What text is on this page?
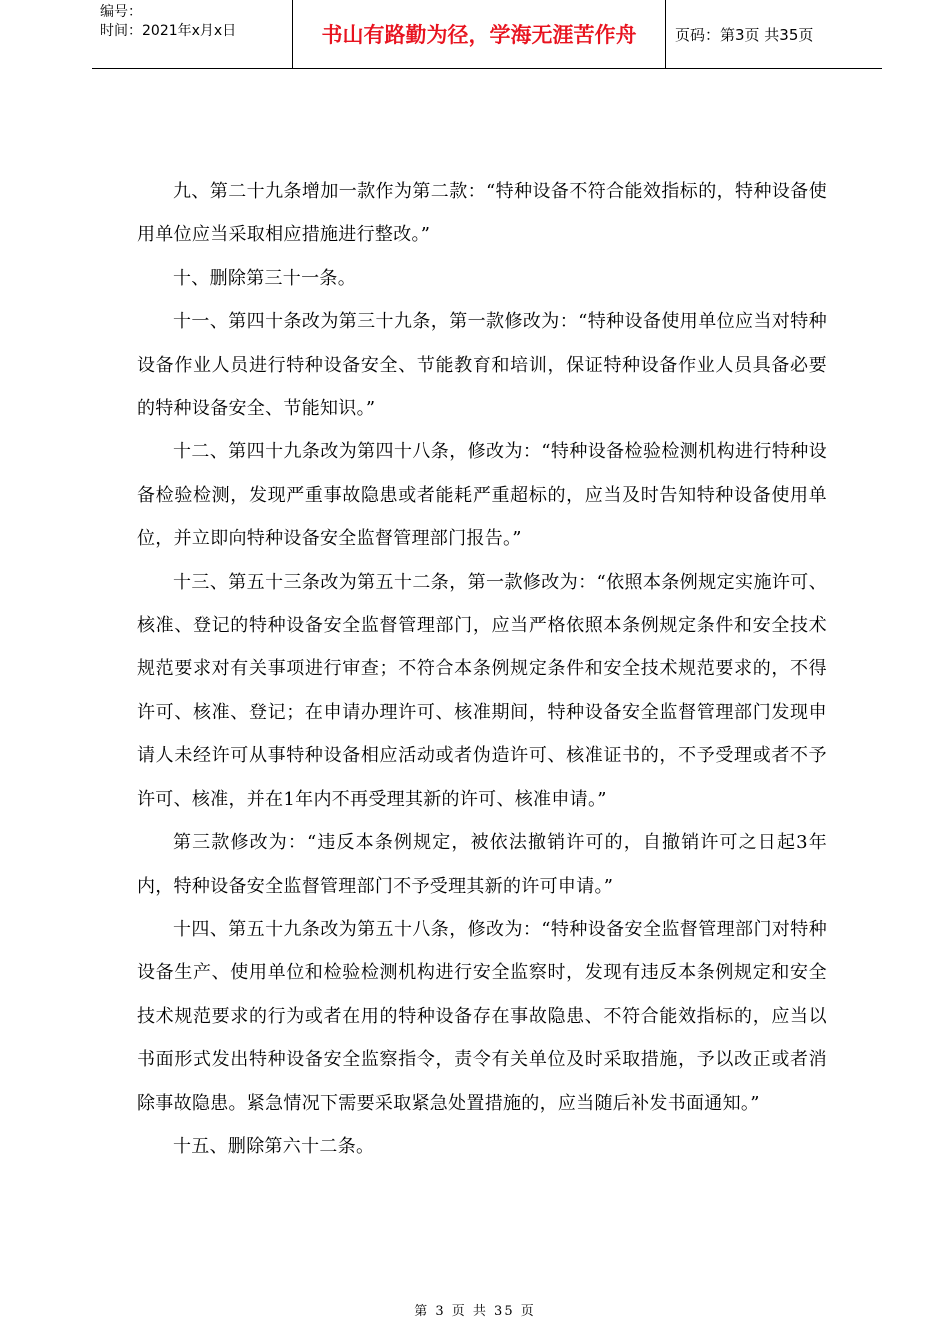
编号：
时间：2021年x月x日	书山有路勤为径，学海无涯苦作舟	页码：第3页 共35页

九、第二十九条增加一款作为第二款：“特种设备不符合能效指标的，特种设备使用单位应当采取相应措施进行整改。”

十、删除第三十一条。

十一、第四十条改为第三十九条，第一款修改为：“特种设备使用单位应当对特种设备作业人员进行特种设备安全、节能教育和培训，保证特种设备作业人员具备必要的特种设备安全、节能知识。”

十二、第四十九条改为第四十八条，修改为：“特种设备检验检测机构进行特种设备检验检测，发现严重事故隐患或者能耗严重超标的，应当及时告知特种设备使用单位，并立即向特种设备安全监督管理部门报告。”

十三、第五十三条改为第五十二条，第一款修改为：“依照本条例规定实施许可、核准、登记的特种设备安全监督管理部门，应当严格依照本条例规定条件和安全技术规范要求对有关事项进行审查；不符合本条例规定条件和安全技术规范要求的，不得许可、核准、登记；在申请办理许可、核准期间，特种设备安全监督管理部门发现申请人未经许可从事特种设备相应活动或者伪造许可、核准证书的，不予受理或者不予许可、核准，并在1年内不再受理其新的许可、核准申请。”

第三款修改为：“违反本条例规定，被依法撤销许可的，自撤销许可之日起3年内，特种设备安全监督管理部门不予受理其新的许可申请。”

十四、第五十九条改为第五十八条，修改为：“特种设备安全监督管理部门对特种设备生产、使用单位和检验检测机构进行安全监察时，发现有违反本条例规定和安全技术规范要求的行为或者在用的特种设备存在事故隐患、不符合能效指标的，应当以书面形式发出特种设备安全监察指令，责令有关单位及时采取措施，予以改正或者消除事故隐患。紧急情况下需要采取紧急处置措施的，应当随后补发书面通知。”

十五、删除第六十二条。

第 3 页 共 35 页
